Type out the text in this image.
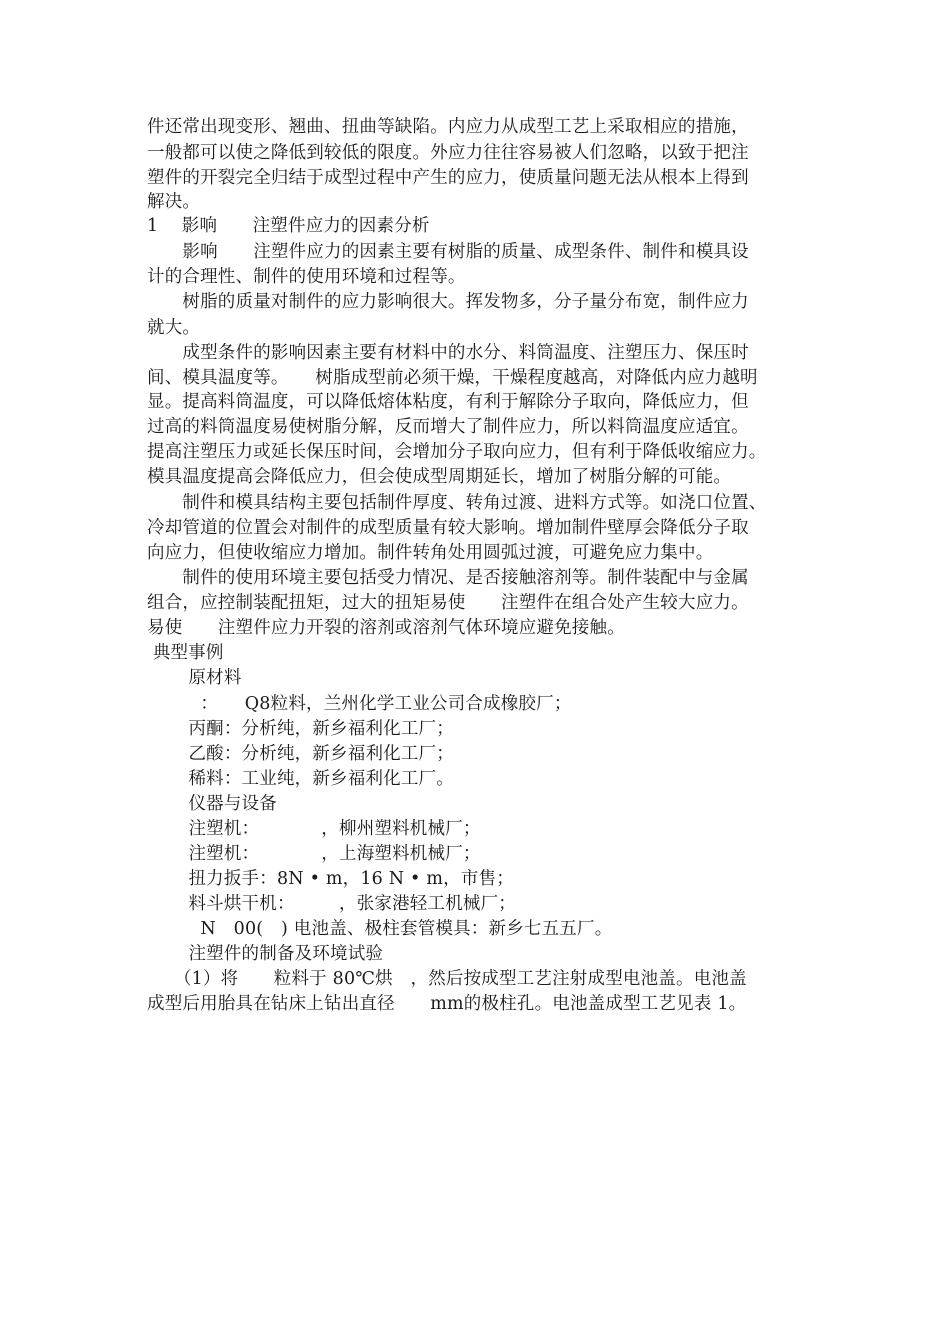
件还常出现变形、翘曲、扭曲等缺陷。内应力从成型工艺上采取相应的措施，
一般都可以使之降低到较低的限度。外应力往往容易被人们忽略，以致于把注
塑件的开裂完全归结于成型过程中产生的应力，使质量问题无法从根本上得到
解决。
1　 影响　　注塑件应力的因素分析
　　影响　　注塑件应力的因素主要有树脂的质量、成型条件、制件和模具设
计的合理性、制件的使用环境和过程等。
　　树脂的质量对制件的应力影响很大。挥发物多，分子量分布宽，制件应力
就大。
　　成型条件的影响因素主要有材料中的水分、料筒温度、注塑压力、保压时
间、模具温度等。　　树脂成型前必须干燥，干燥程度越高，对降低内应力越明
显。提高料筒温度，可以降低熔体粘度，有利于解除分子取向，降低应力，但
过高的料筒温度易使树脂分解，反而增大了制件应力，所以料筒温度应适宜。
提高注塑压力或延长保压时间，会增加分子取向应力，但有利于降低收缩应力。
模具温度提高会降低应力，但会使成型周期延长，增加了树脂分解的可能。
　　制件和模具结构主要包括制件厚度、转角过渡、进料方式等。如浇口位置、
冷却管道的位置会对制件的成型质量有较大影响。增加制件壁厚会降低分子取
向应力，但使收缩应力增加。制件转角处用圆弧过渡，可避免应力集中。
　　制件的使用环境主要包括受力情况、是否接触溶剂等。制件装配中与金属
组合，应控制装配扭矩，过大的扭矩易使　　注塑件在组合处产生较大应力。
易使　　注塑件应力开裂的溶剂或溶剂气体环境应避免接触。
典型事例
　 原材料
　　：　　Q8粒料，兰州化学工业公司合成橡胶厂；
　 丙酮：分析纯，新乡福利化工厂；
　 乙酸：分析纯，新乡福利化工厂；
　 稀料：工业纯，新乡福利化工厂。
　 仪器与设备
　 注塑机：　　　　，柳州塑料机械厂；
　 注塑机：　　　　，上海塑料机械厂；
　 扭力扳手：8N • m，16 N • m，市售；
　 料斗烘干机：　　　，张家港轻工机械厂；
　　N　00(　) 电池盖、极柱套管模具：新乡七五五厂。
　 注塑件的制备及环境试验
　（1）将　　粒料于 80℃烘　，然后按成型工艺注射成型电池盖。电池盖
成型后用胎具在钻床上钻出直径　　mm的极柱孔。电池盖成型工艺见表 1。
